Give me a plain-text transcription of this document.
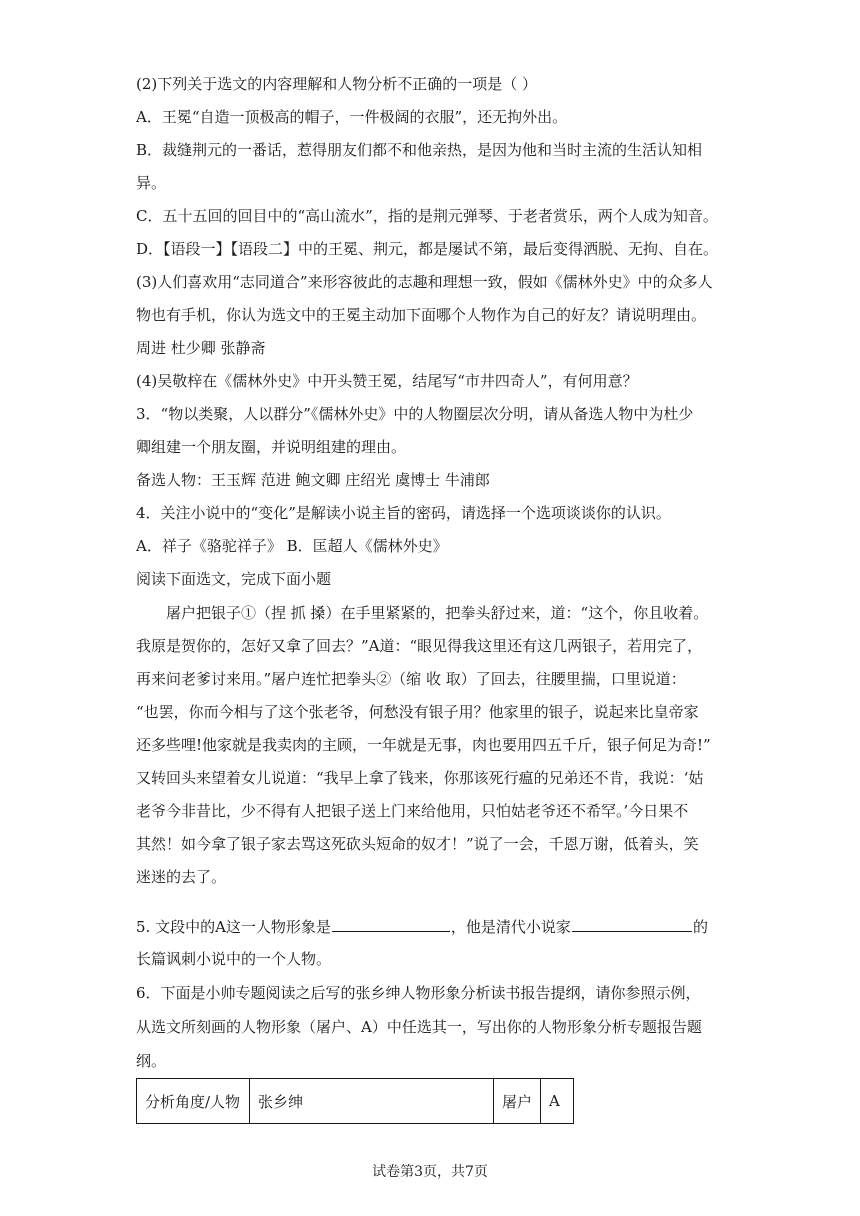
(2)下列关于选文的内容理解和人物分析不正确的一项是（ ）
A．王冕“自造一顶极高的帽子，一件极阔的衣服”，还无拘外出。
B．裁缝荆元的一番话，惹得朋友们都不和他亲热，是因为他和当时主流的生活认知相
异。
C．五十五回的回目中的“高山流水”，指的是荆元弹琴、于老者赏乐，两个人成为知音。
D．【语段一】【语段二】中的王冕、荆元，都是屡试不第，最后变得洒脱、无拘、自在。
(3)人们喜欢用“志同道合”来形容彼此的志趣和理想一致，假如《儒林外史》中的众多人
物也有手机，你认为选文中的王冕主动加下面哪个人物作为自己的好友？请说明理由。
周进 杜少卿 张静斋
(4)吴敬梓在《儒林外史》中开头赞王冕，结尾写“市井四奇人”，有何用意？
3．“物以类聚，人以群分”《儒林外史》中的人物圈层次分明，请从备选人物中为杜少
卿组建一个朋友圈，并说明组建的理由。
备选人物：王玉辉 范进 鲍文卿 庄绍光 虞博士 牛浦郎
4．关注小说中的“变化”是解读小说主旨的密码，请选择一个选项谈谈你的认识。
A．祥子《骆驼祥子》 B．匡超人《儒林外史》
阅读下面选文，完成下面小题
　　屠户把银子①（捏 抓 搡）在手里紧紧的，把拳头舒过来，道：“这个，你且收着。
我原是贺你的，怎好又拿了回去？”A道：“眼见得我这里还有这几两银子，若用完了，
再来问老爹讨来用。”屠户连忙把拳头②（缩 收 取）了回去，往腰里揣，口里说道：
“也罢，你而今相与了这个张老爷，何愁没有银子用？他家里的银子，说起来比皇帝家
还多些哩!他家就是我卖肉的主顾，一年就是无事，肉也要用四五千斤，银子何足为奇!”
又转回头来望着女儿说道：“我早上拿了钱来，你那该死行瘟的兄弟还不肯，我说：‘姑
老爷今非昔比，少不得有人把银子送上门来给他用，只怕姑老爷还不希罕。’今日果不
其然！如今拿了银子家去骂这死砍头短命的奴才！”说了一会，千恩万谢，低着头，笑
迷迷的去了。
5. 文段中的A这一人物形象是	，他是清代小说家	的
长篇讽刺小说中的一个人物。
6．下面是小帅专题阅读之后写的张乡绅人物形象分析读书报告提纲，请你参照示例，
从选文所刻画的人物形象（屠户、A）中任选其一，写出你的人物形象分析专题报告题
纲。
分析角度/人物	张乡绅	屠户	A
试卷第3页，共7页
